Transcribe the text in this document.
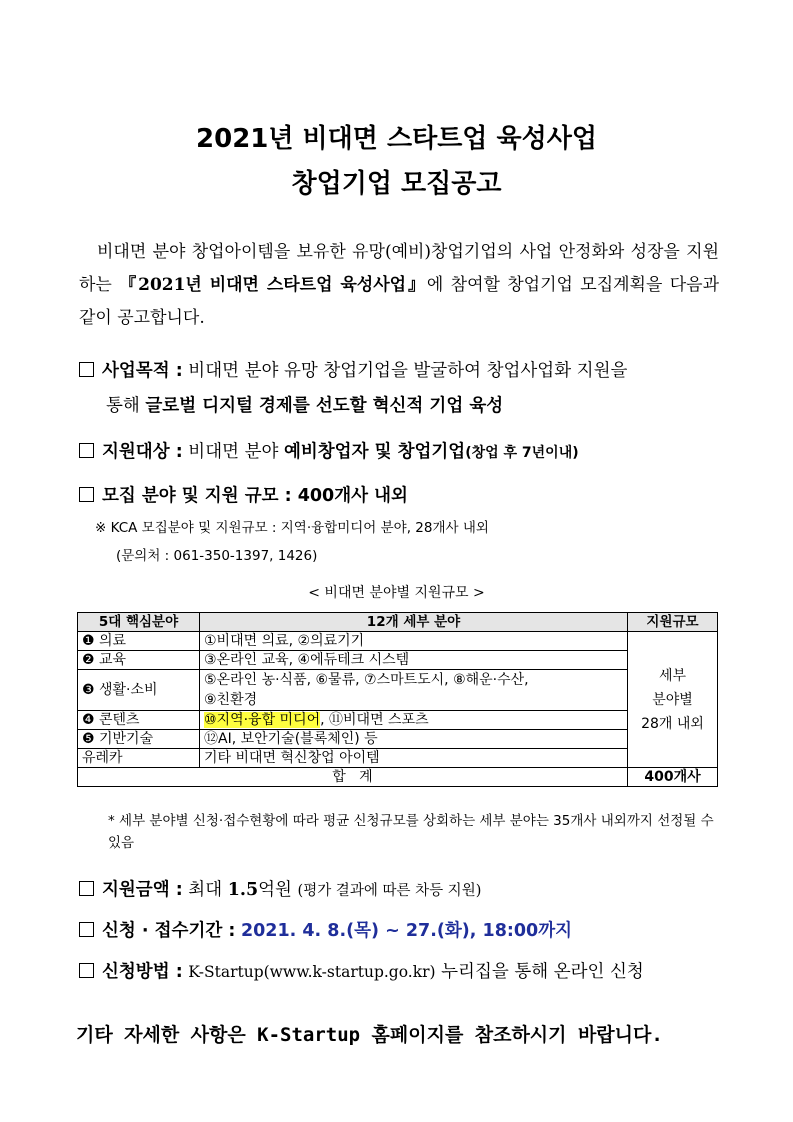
2021년 비대면 스타트업 육성사업
창업기업 모집공고
비대면 분야 창업아이템을 보유한 유망(예비)창업기업의 사업 안정화와 성장을 지원하는 『2021년 비대면 스타트업 육성사업』에 참여할 창업기업 모집계획을 다음과 같이 공고합니다.
사업목적 : 비대면 분야 유망 창업기업을 발굴하여 창업사업화 지원을
통해 글로벌 디지털 경제를 선도할 혁신적 기업 육성
지원대상 : 비대면 분야 예비창업자 및 창업기업(창업 후 7년이내)
모집 분야 및 지원 규모 : 400개사 내외
※ KCA 모집분야 및 지원규모 : 지역·융합미디어 분야, 28개사 내외
(문의처 : 061-350-1397, 1426)
< 비대면 분야별 지원규모 >
5대 핵심분야	12개 세부 분야	지원규모
❶ 의료	①비대면 의료, ②의료기기	세부
분야별
28개 내외

❷ 교육	③온라인 교육, ④에듀테크 시스템	
❸ 생활·소비	⑤온라인 농·식품, ⑥물류, ⑦스마트도시, ⑧해운·수산,
⑨친환경	

❹ 콘텐츠	⑩지역·융합 미디어, ⑪비대면 스포츠	
❺ 기반기술	⑫AI, 보안기술(블록체인) 등	
유레카	기타 비대면 혁신창업 아이템	
합   계		400개사
* 세부 분야별 신청·접수현황에 따라 평균 신청규모를 상회하는 세부 분야는 35개사 내외까지 선정될 수 있음
지원금액 : 최대 1.5억원 (평가 결과에 따른 차등 지원)
신청 · 접수기간 : 2021. 4. 8.(목) ~ 27.(화), 18:00까지
신청방법 : K-Startup(www.k-startup.go.kr) 누리집을 통해 온라인 신청
기타 자세한 사항은 K-Startup 홈페이지를 참조하시기 바랍니다.
